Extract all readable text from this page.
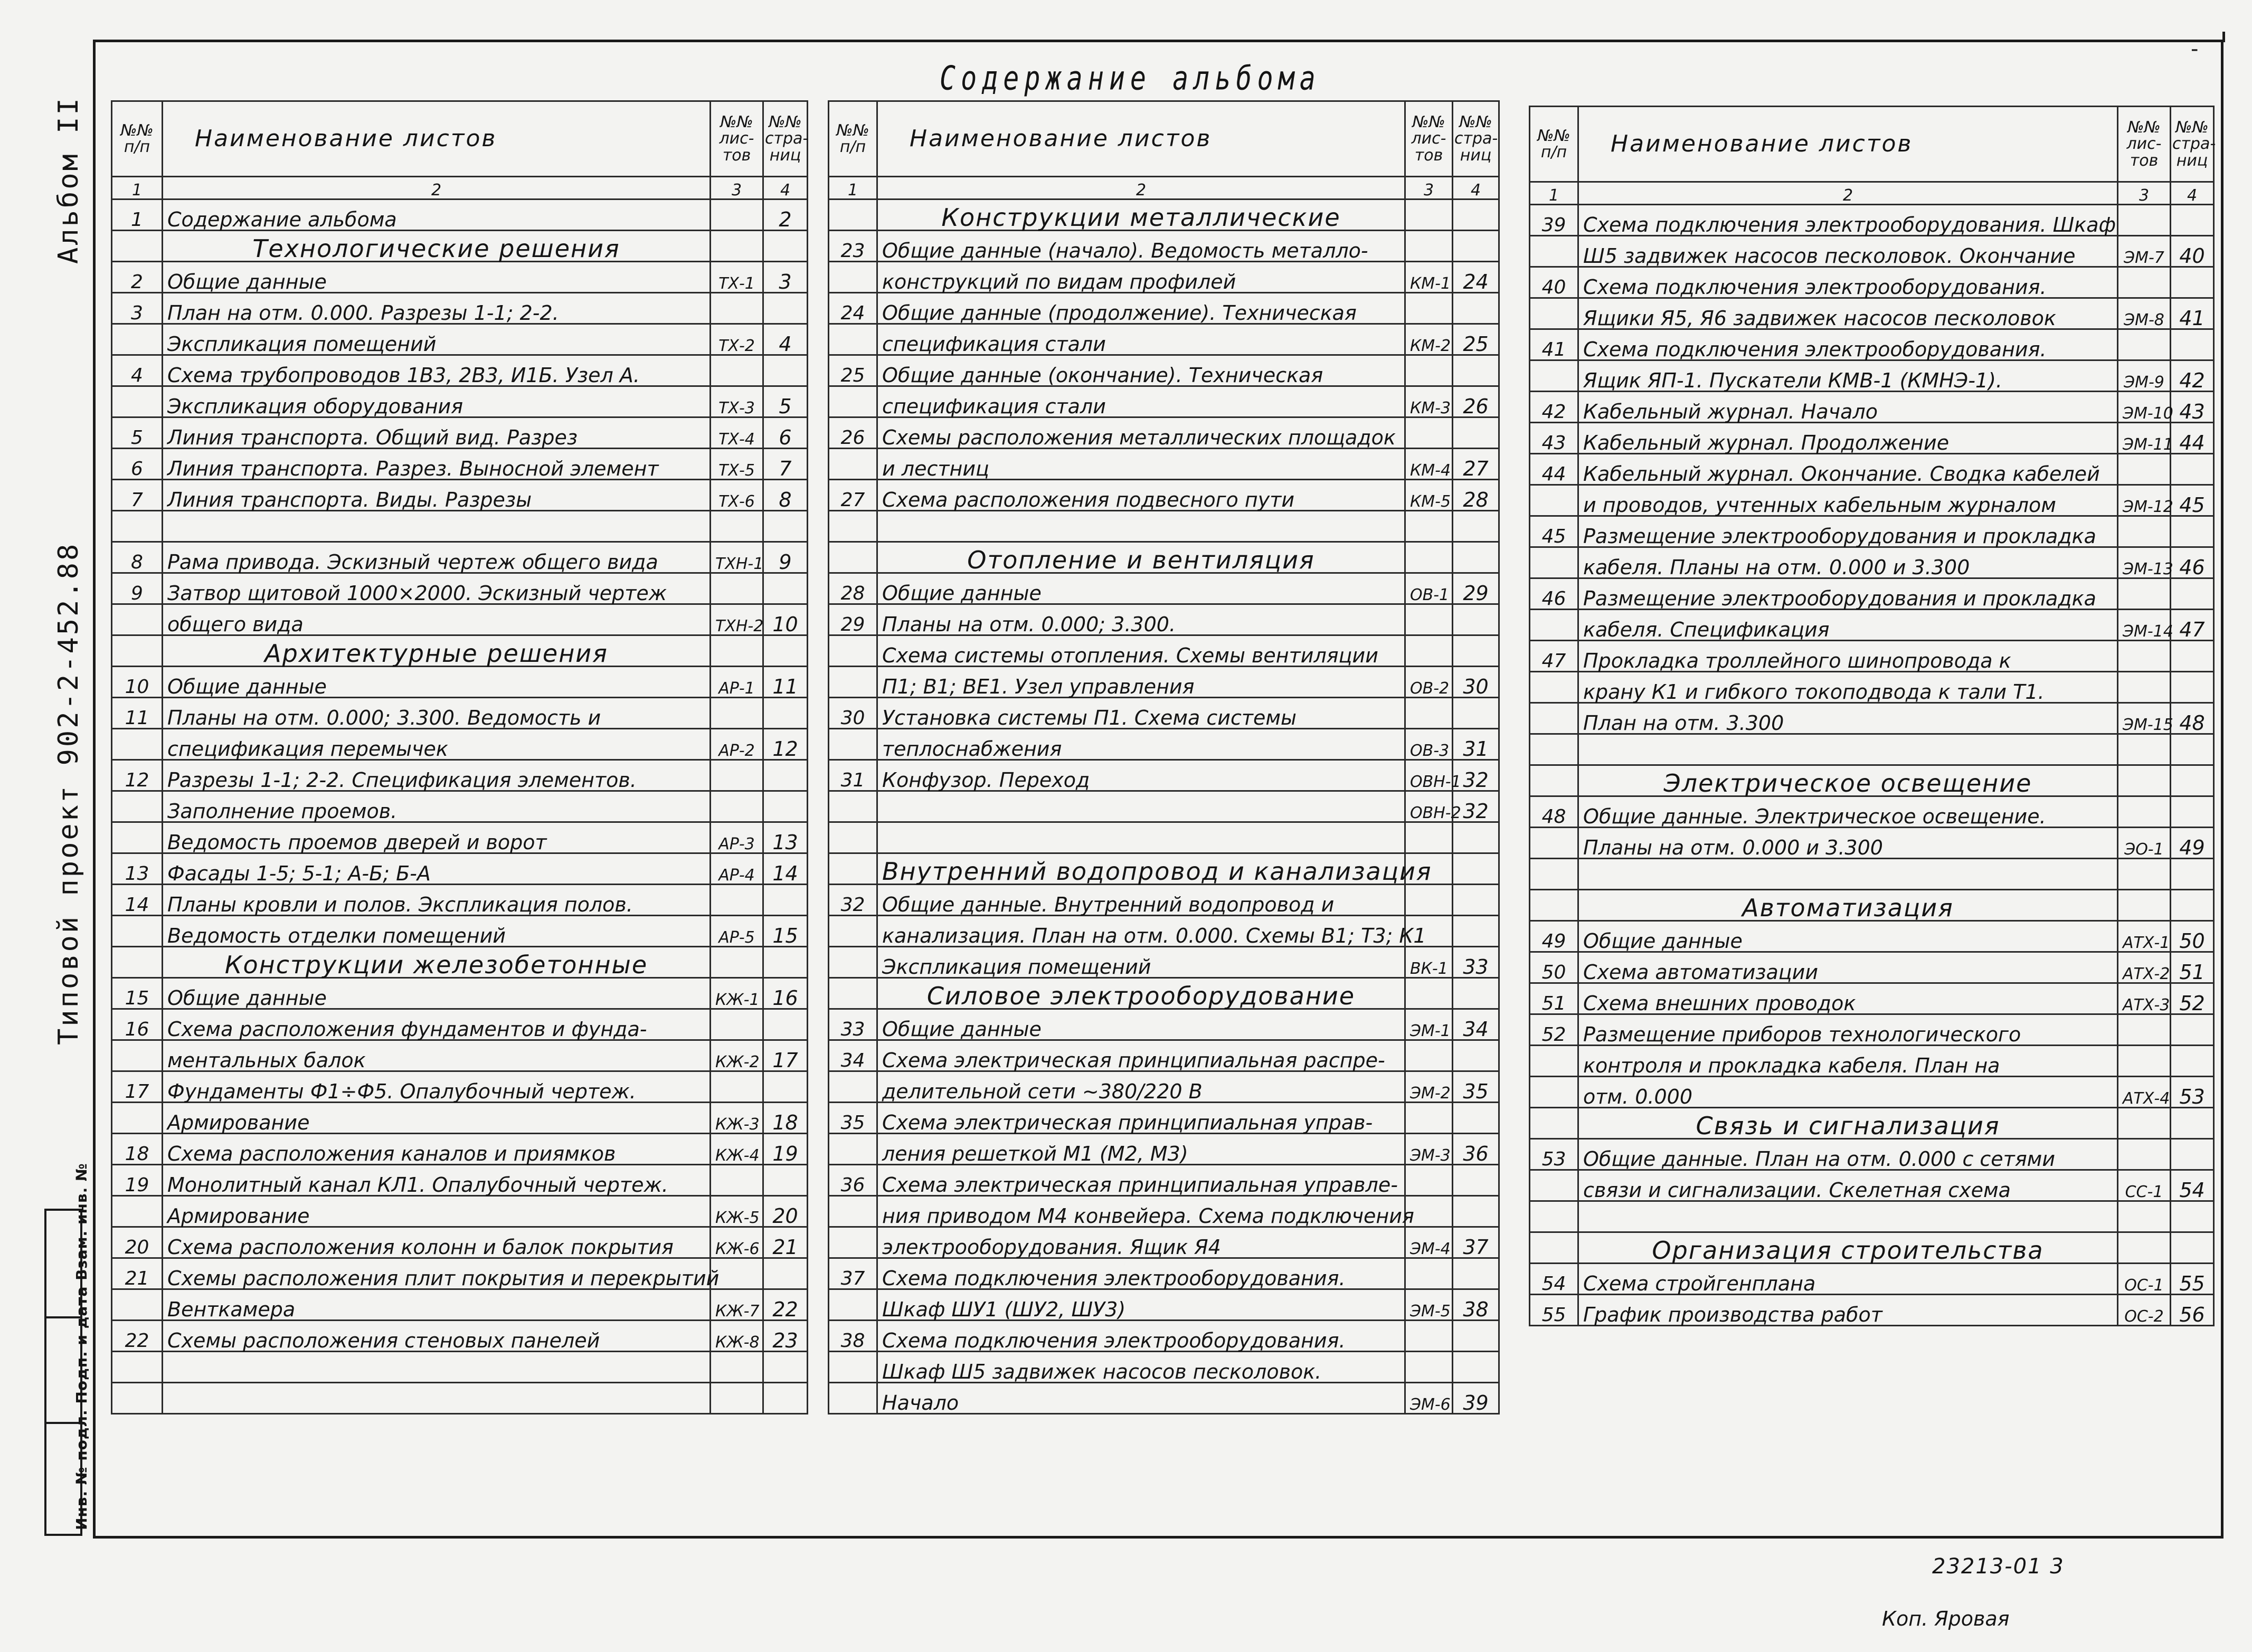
-
Содержание альбома
Альбом II
Типовой проект 902-2-452.88
Инв. № подл. Подп. и дата Взам. инв. №
№№ п/п	Наименование листов	№№ лис-тов	№№ стра-ниц
1	2	3	4
1	Содержание альбома		2
	Технологические решения		
2	Общие данные	ТХ-1	3
3	План на отм. 0.000. Разрезы 1-1; 2-2.		
	Экспликация помещений	ТХ-2	4
4	Схема трубопроводов 1В3, 2В3, И1Б. Узел А.		
	Экспликация оборудования	ТХ-3	5
5	Линия транспорта. Общий вид. Разрез	ТХ-4	6
6	Линия транспорта. Разрез. Выносной элемент	ТХ-5	7
7	Линия транспорта. Виды. Разрезы	ТХ-6	8

8	Рама привода. Эскизный чертеж общего вида	ТХН-1	9
9	Затвор щитовой 1000×2000. Эскизный чертеж		
	общего вида	ТХН-2	10
	Архитектурные решения		
10	Общие данные	АР-1	11
11	Планы на отм. 0.000; 3.300. Ведомость и		
	спецификация перемычек	АР-2	12
12	Разрезы 1-1; 2-2. Спецификация элементов.		
	Заполнение проемов.		
	Ведомость проемов дверей и ворот	АР-3	13
13	Фасады 1-5; 5-1; А-Б; Б-А	АР-4	14
14	Планы кровли и полов. Экспликация полов.		
	Ведомость отделки помещений	АР-5	15
	Конструкции железобетонные		
15	Общие данные	КЖ-1	16
16	Схема расположения фундаментов и фунда-		
	ментальных балок	КЖ-2	17
17	Фундаменты Ф1÷Ф5. Опалубочный чертеж.		
	Армирование	КЖ-3	18
18	Схема расположения каналов и приямков	КЖ-4	19
19	Монолитный канал КЛ1. Опалубочный чертеж.		
	Армирование	КЖ-5	20
20	Схема расположения колонн и балок покрытия	КЖ-6	21
21	Схемы расположения плит покрытия и перекрытий		
	Венткамера	КЖ-7	22
22	Схемы расположения стеновых панелей	КЖ-8	23

№№ п/п	Наименование листов	№№ лис-тов	№№ стра-ниц
1	2	3	4
	Конструкции металлические		
23	Общие данные (начало). Ведомость металло-		
	конструкций по видам профилей	КМ-1	24
24	Общие данные (продолжение). Техническая		
	спецификация стали	КМ-2	25
25	Общие данные (окончание). Техническая		
	спецификация стали	КМ-3	26
26	Схемы расположения металлических площадок		
	и лестниц	КМ-4	27
27	Схема расположения подвесного пути	КМ-5	28

	Отопление и вентиляция		
28	Общие данные	ОВ-1	29
29	Планы на отм. 0.000; 3.300.		
	Схема системы отопления. Схемы вентиляции		
	П1; В1; ВЕ1. Узел управления	ОВ-2	30
30	Установка системы П1. Схема системы		
	теплоснабжения	ОВ-3	31
31	Конфузор. Переход	ОВН-1	32
		ОВН-2	32

	Внутренний водопровод и канализация		
32	Общие данные. Внутренний водопровод и		
	канализация. План на отм. 0.000. Схемы В1; Т3; К1		
	Экспликация помещений	ВК-1	33
	Силовое электрооборудование		
33	Общие данные	ЭМ-1	34
34	Схема электрическая принципиальная распре-		
	делительной сети ~380/220 В	ЭМ-2	35
35	Схема электрическая принципиальная управ-		
	ления решеткой М1 (М2, М3)	ЭМ-3	36
36	Схема электрическая принципиальная управле-		
	ния приводом М4 конвейера. Схема подключения		
	электрооборудования. Ящик Я4	ЭМ-4	37
37	Схема подключения электрооборудования.		
	Шкаф ШУ1 (ШУ2, ШУ3)	ЭМ-5	38
38	Схема подключения электрооборудования.		
	Шкаф Ш5 задвижек насосов песколовок.		
	Начало	ЭМ-6	39
№№ п/п	Наименование листов	№№ лис-тов	№№ стра-ниц
1	2	3	4
39	Схема подключения электрооборудования. Шкаф		
	Ш5 задвижек насосов песколовок. Окончание	ЭМ-7	40
40	Схема подключения электрооборудования.		
	Ящики Я5, Я6 задвижек насосов песколовок	ЭМ-8	41
41	Схема подключения электрооборудования.		
	Ящик ЯП-1. Пускатели КМВ-1 (КМНЭ-1).	ЭМ-9	42
42	Кабельный журнал. Начало	ЭМ-10	43
43	Кабельный журнал. Продолжение	ЭМ-11	44
44	Кабельный журнал. Окончание. Сводка кабелей		
	и проводов, учтенных кабельным журналом	ЭМ-12	45
45	Размещение электрооборудования и прокладка		
	кабеля. Планы на отм. 0.000 и 3.300	ЭМ-13	46
46	Размещение электрооборудования и прокладка		
	кабеля. Спецификация	ЭМ-14	47
47	Прокладка троллейного шинопровода к		
	крану К1 и гибкого токоподвода к тали Т1.		
	План на отм. 3.300	ЭМ-15	48

	Электрическое освещение		
48	Общие данные. Электрическое освещение.		
	Планы на отм. 0.000 и 3.300	ЭО-1	49

	Автоматизация		
49	Общие данные	АТХ-1	50
50	Схема автоматизации	АТХ-2	51
51	Схема внешних проводок	АТХ-3	52
52	Размещение приборов технологического		
	контроля и прокладка кабеля. План на		
	отм. 0.000	АТХ-4	53
	Связь и сигнализация		
53	Общие данные. План на отм. 0.000 с сетями		
	связи и сигнализации. Скелетная схема	СС-1	54

	Организация строительства		
54	Схема стройгенплана	ОС-1	55
55	График производства работ	ОС-2	56
23213-01 3
Коп. Яровая
